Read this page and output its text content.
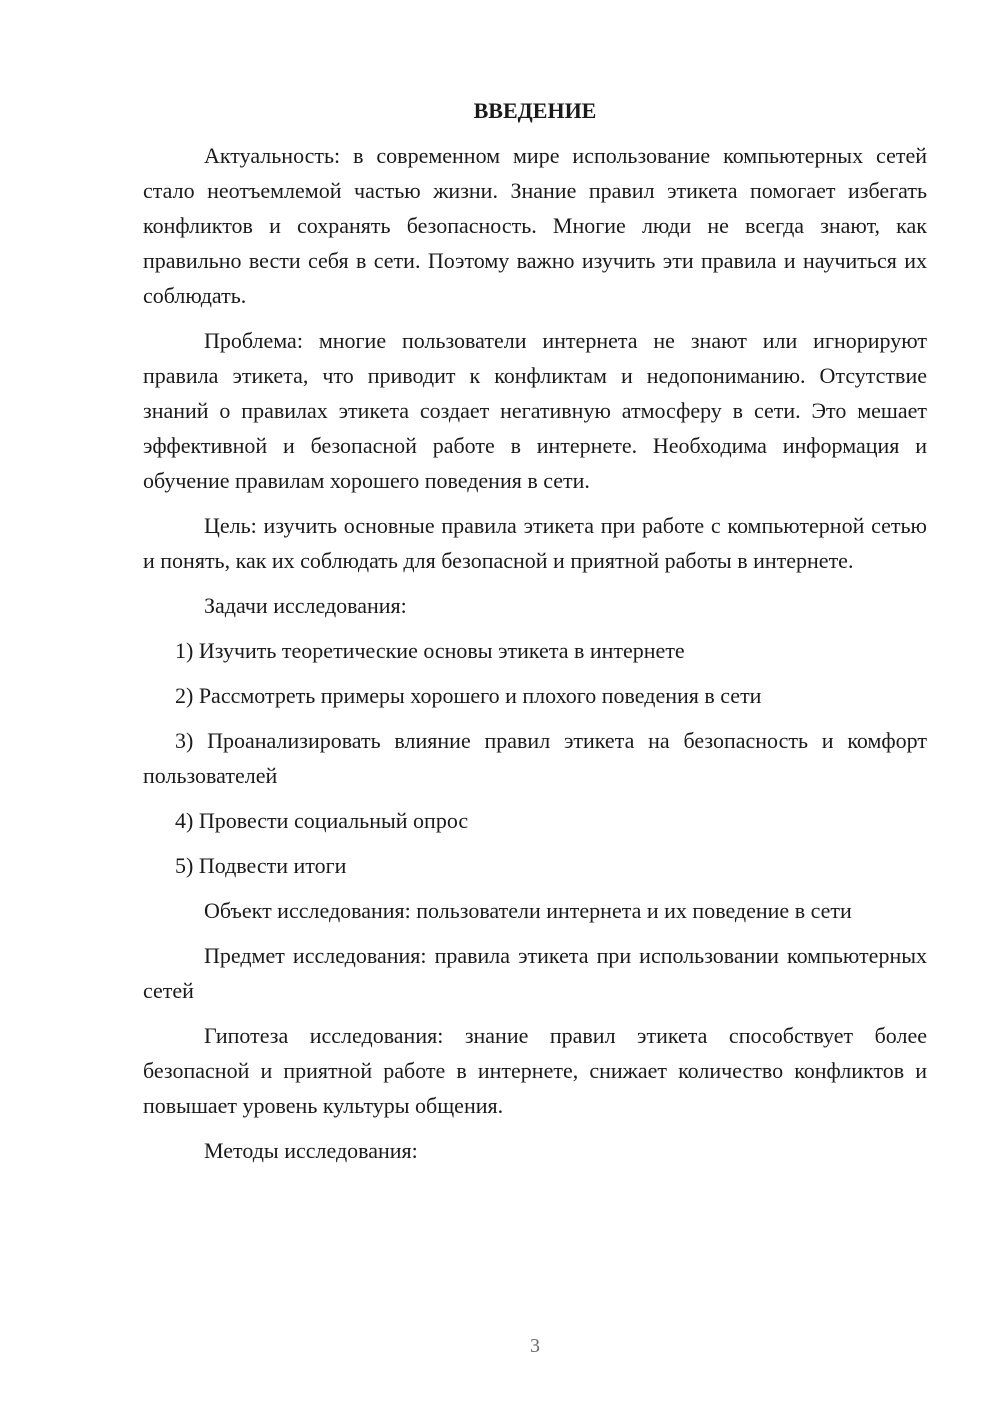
ВВЕДЕНИЕ

Актуальность: в современном мире использование компьютерных сетей стало неотъемлемой частью жизни. Знание правил этикета помогает избегать конфликтов и сохранять безопасность. Многие люди не всегда знают, как правильно вести себя в сети. Поэтому важно изучить эти правила и научиться их соблюдать.

Проблема: многие пользователи интернета не знают или игнорируют правила этикета, что приводит к конфликтам и недопониманию. Отсутствие знаний о правилах этикета создает негативную атмосферу в сети. Это мешает эффективной и безопасной работе в интернете. Необходима информация и обучение правилам хорошего поведения в сети.

Цель: изучить основные правила этикета при работе с компьютерной сетью и понять, как их соблюдать для безопасной и приятной работы в интернете.

Задачи исследования:

1) Изучить теоретические основы этикета в интернете

2) Рассмотреть примеры хорошего и плохого поведения в сети

3) Проанализировать влияние правил этикета на безопасность и комфорт пользователей

4) Провести социальный опрос

5) Подвести итоги

Объект исследования: пользователи интернета и их поведение в сети

Предмет исследования: правила этикета при использовании компьютерных сетей

Гипотеза исследования: знание правил этикета способствует более безопасной и приятной работе в интернете, снижает количество конфликтов и повышает уровень культуры общения.

Методы исследования:

3
